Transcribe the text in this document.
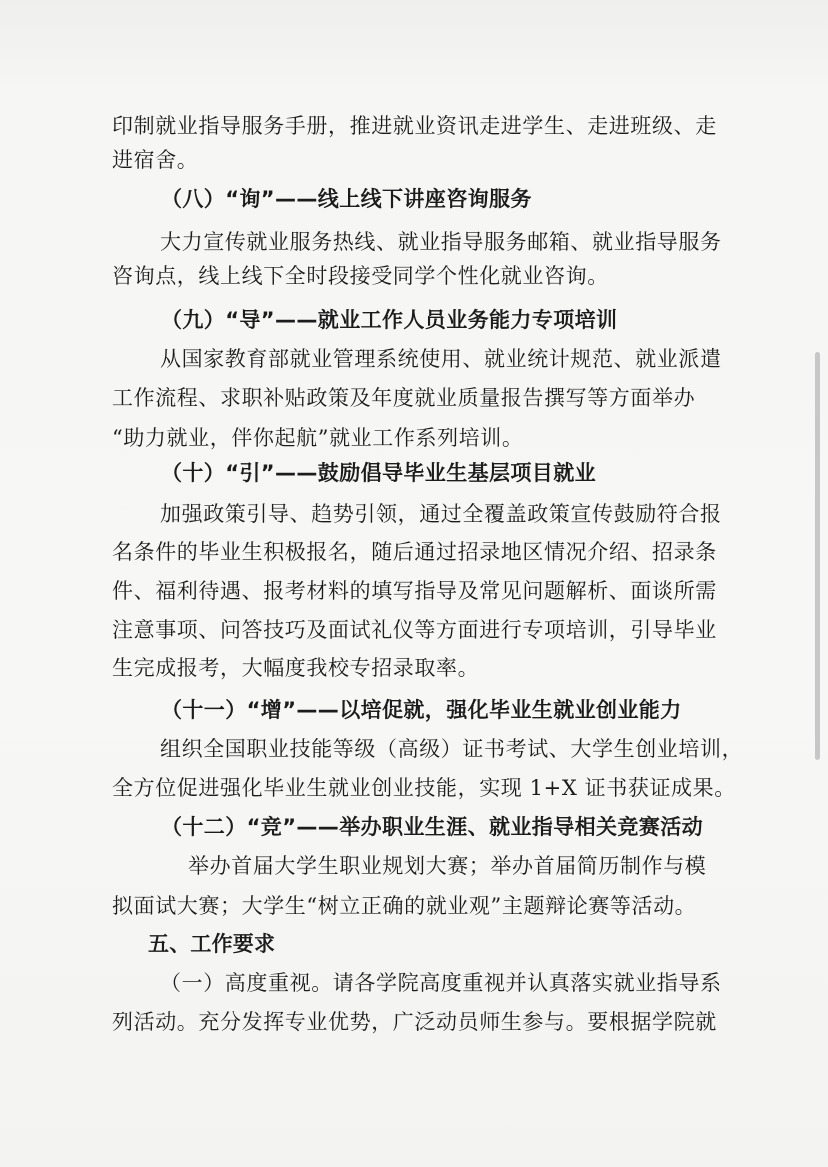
印制就业指导服务手册，推进就业资讯走进学生、走进班级、走
进宿舍。
（八）“询”——线上线下讲座咨询服务
大力宣传就业服务热线、就业指导服务邮箱、就业指导服务
咨询点，线上线下全时段接受同学个性化就业咨询。
（九）“导”——就业工作人员业务能力专项培训
从国家教育部就业管理系统使用、就业统计规范、就业派遣
工作流程、求职补贴政策及年度就业质量报告撰写等方面举办
“助力就业，伴你起航”就业工作系列培训。
（十）“引”——鼓励倡导毕业生基层项目就业
加强政策引导、趋势引领，通过全覆盖政策宣传鼓励符合报
名条件的毕业生积极报名，随后通过招录地区情况介绍、招录条
件、福利待遇、报考材料的填写指导及常见问题解析、面谈所需
注意事项、问答技巧及面试礼仪等方面进行专项培训，引导毕业
生完成报考，大幅度我校专招录取率。
（十一）“增”——以培促就，强化毕业生就业创业能力
组织全国职业技能等级（高级）证书考试、大学生创业培训，
全方位促进强化毕业生就业创业技能，实现 1+X 证书获证成果。
（十二）“竞”——举办职业生涯、就业指导相关竞赛活动
举办首届大学生职业规划大赛；举办首届简历制作与模
拟面试大赛；大学生“树立正确的就业观”主题辩论赛等活动。
五、工作要求
（一）高度重视。请各学院高度重视并认真落实就业指导系
列活动。充分发挥专业优势，广泛动员师生参与。要根据学院就
